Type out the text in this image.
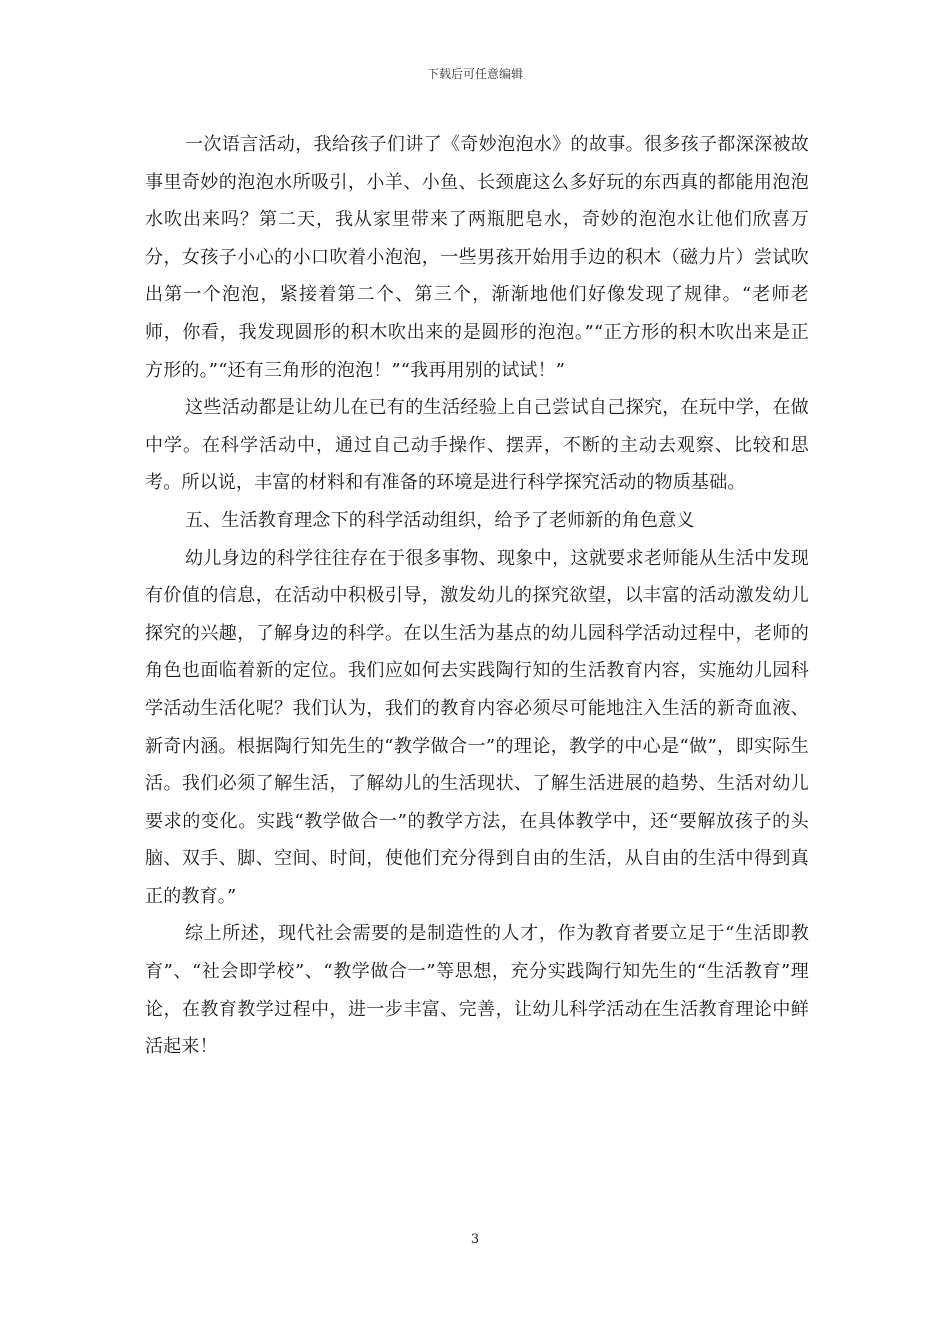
下载后可任意编辑

一次语言活动，我给孩子们讲了《奇妙泡泡水》的故事。很多孩子都深深被故事里奇妙的泡泡水所吸引，小羊、小鱼、长颈鹿这么多好玩的东西真的都能用泡泡水吹出来吗？第二天，我从家里带来了两瓶肥皂水，奇妙的泡泡水让他们欣喜万分，女孩子小心的小口吹着小泡泡，一些男孩开始用手边的积木（磁力片）尝试吹出第一个泡泡，紧接着第二个、第三个，渐渐地他们好像发现了规律。“老师老师，你看，我发现圆形的积木吹出来的是圆形的泡泡。”“正方形的积木吹出来是正方形的。”“还有三角形的泡泡！”“我再用别的试试！”

这些活动都是让幼儿在已有的生活经验上自己尝试自己探究，在玩中学，在做中学。在科学活动中，通过自己动手操作、摆弄，不断的主动去观察、比较和思考。所以说，丰富的材料和有准备的环境是进行科学探究活动的物质基础。

五、生活教育理念下的科学活动组织，给予了老师新的角色意义

幼儿身边的科学往往存在于很多事物、现象中，这就要求老师能从生活中发现有价值的信息，在活动中积极引导，激发幼儿的探究欲望，以丰富的活动激发幼儿探究的兴趣，了解身边的科学。在以生活为基点的幼儿园科学活动过程中，老师的角色也面临着新的定位。我们应如何去实践陶行知的生活教育内容，实施幼儿园科学活动生活化呢？我们认为，我们的教育内容必须尽可能地注入生活的新奇血液、新奇内涵。根据陶行知先生的“教学做合一”的理论，教学的中心是“做”，即实际生活。我们必须了解生活，了解幼儿的生活现状、了解生活进展的趋势、生活对幼儿要求的变化。实践“教学做合一”的教学方法，在具体教学中，还“要解放孩子的头脑、双手、脚、空间、时间，使他们充分得到自由的生活，从自由的生活中得到真正的教育。”

综上所述，现代社会需要的是制造性的人才，作为教育者要立足于“生活即教育”、“社会即学校”、“教学做合一”等思想，充分实践陶行知先生的“生活教育”理论，在教育教学过程中，进一步丰富、完善，让幼儿科学活动在生活教育理论中鲜活起来！

3
